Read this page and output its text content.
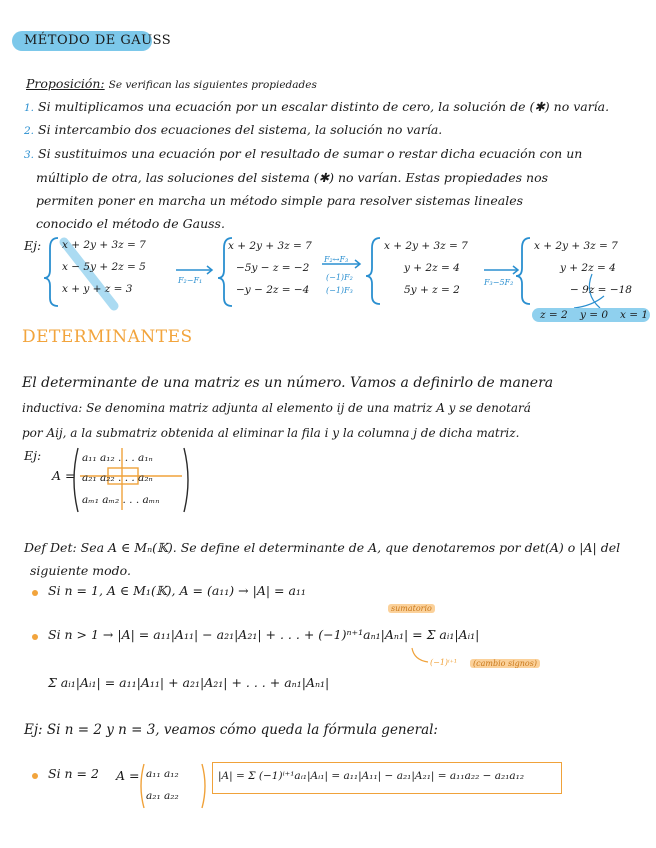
MÉTODO DE GAUSS
Proposición: Se verifican las siguientes propiedades
1. Si multiplicamos una ecuación por un escalar distinto de cero, la solución de (✱) no varía.
2. Si intercambio dos ecuaciones del sistema, la solución no varía.
3. Si sustituimos una ecuación por el resultado de sumar o restar dicha ecuación con un
múltiplo de otra, las soluciones del sistema (✱) no varían. Estas propiedades nos
permiten poner en marcha un método simple para resolver sistemas lineales
conocido el método de Gauss.
Ej: x + 2y + 3z = 7
x − 5y + 2z = 5
x + y + z = 3
F₂−F₁
x + 2y + 3z = 7
−5y − z = −2
−y − 2z = −4
F₂↔F₃
(−1)F₂
(−1)F₃
x + 2y + 3z = 7
y + 2z = 4
5y + z = 2
F₃−5F₂
x + 2y + 3z = 7
y + 2z = 4
− 9z = −18
z = 2 y = 0 x = 1
DETERMINANTES
El determinante de una matriz es un número. Vamos a definirlo de manera
inductiva: Se denomina matriz adjunta al elemento ij de una matriz A y se denotará
por Aij, a la submatriz obtenida al eliminar la fila i y la columna j de dicha matriz.
Ej:
A =
a₁₁ a₁₂ . . . a₁ₙ
a₂₁ a₂₂ . . . a₂ₙ
aₘ₁ aₘ₂ . . . aₘₙ
Def Det: Sea A ∈ Mₙ(𝕂). Se define el determinante de A, que denotaremos por det(A) o |A| del
siguiente modo.
Si n = 1, A ∈ M₁(𝕂), A = (a₁₁) → |A| = a₁₁
sumatorio
Si n > 1 → |A| = a₁₁|A₁₁| − a₂₁|A₂₁| + . . . + (−1)ⁿ⁺¹aₙ₁|Aₙ₁| = Σ aᵢ₁|Aᵢ₁|
(−1)ⁱ⁺¹	(cambio signos)
Σ aᵢ₁|Aᵢ₁| = a₁₁|A₁₁| + a₂₁|A₂₁| + . . . + aₙ₁|Aₙ₁|
Ej: Si n = 2 y n = 3, veamos cómo queda la fórmula general:
Si n = 2 A = a₁₁ a₁₂
a₂₁ a₂₂
|A| = Σ (−1)ⁱ⁺¹aᵢ₁|Aᵢ₁| = a₁₁|A₁₁| − a₂₁|A₂₁| = a₁₁a₂₂ − a₂₁a₁₂
